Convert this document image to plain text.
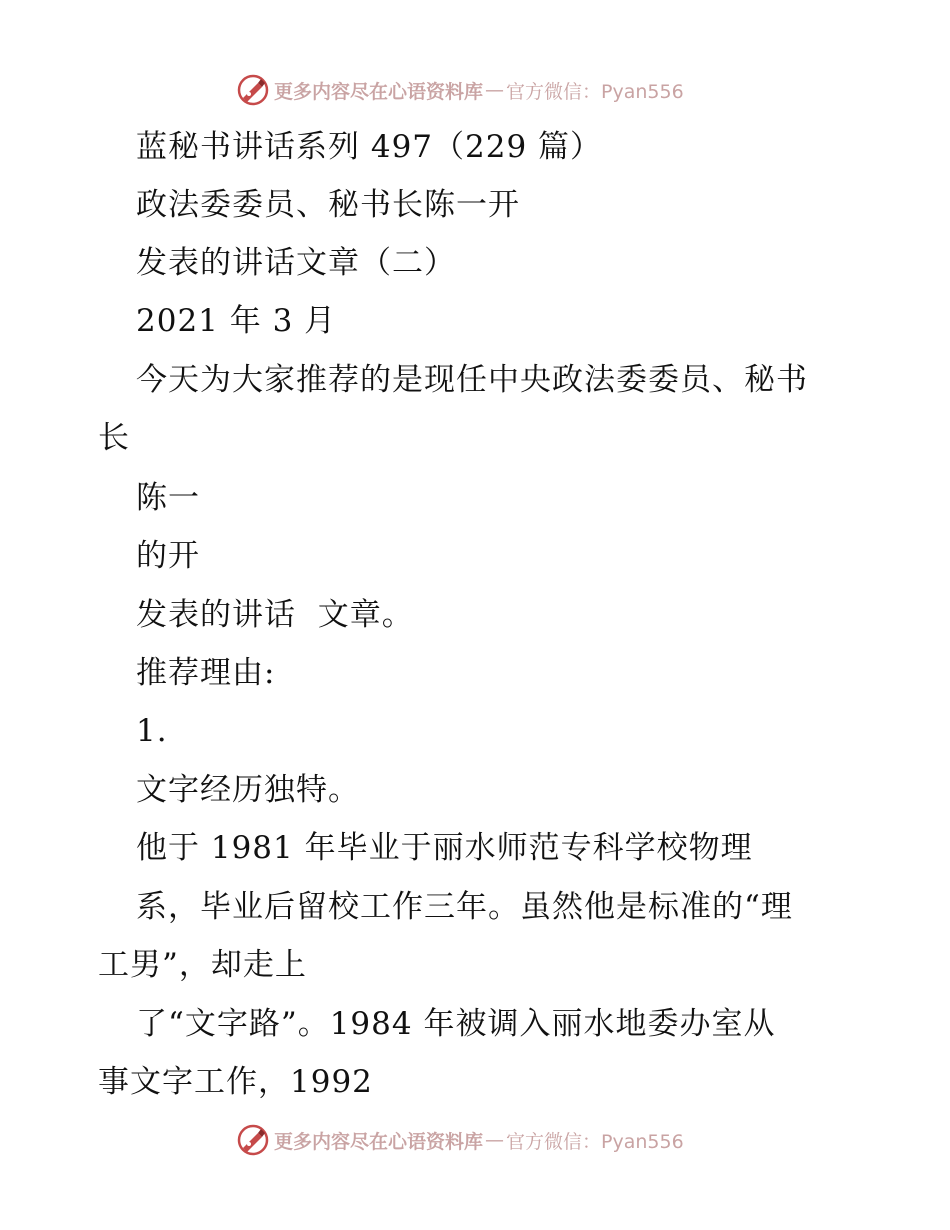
更多内容尽在心语资料库 — 官方微信：Pyan556
蓝秘书讲话系列 497（229 篇）
政法委委员、秘书长陈一开
发表的讲话文章（二）
2021 年 3 月
今天为大家推荐的是现任中央政法委委员、秘书
长
陈一
的开
发表的讲话  文章。
推荐理由:
1.
文字经历独特。
他于 1981 年毕业于丽水师范专科学校物理
系，毕业后留校工作三年。虽然他是标准的“理
工男”，却走上
了“文字路”。1984 年被调入丽水地委办室从
事文字工作，1992
更多内容尽在心语资料库 — 官方微信：Pyan556
